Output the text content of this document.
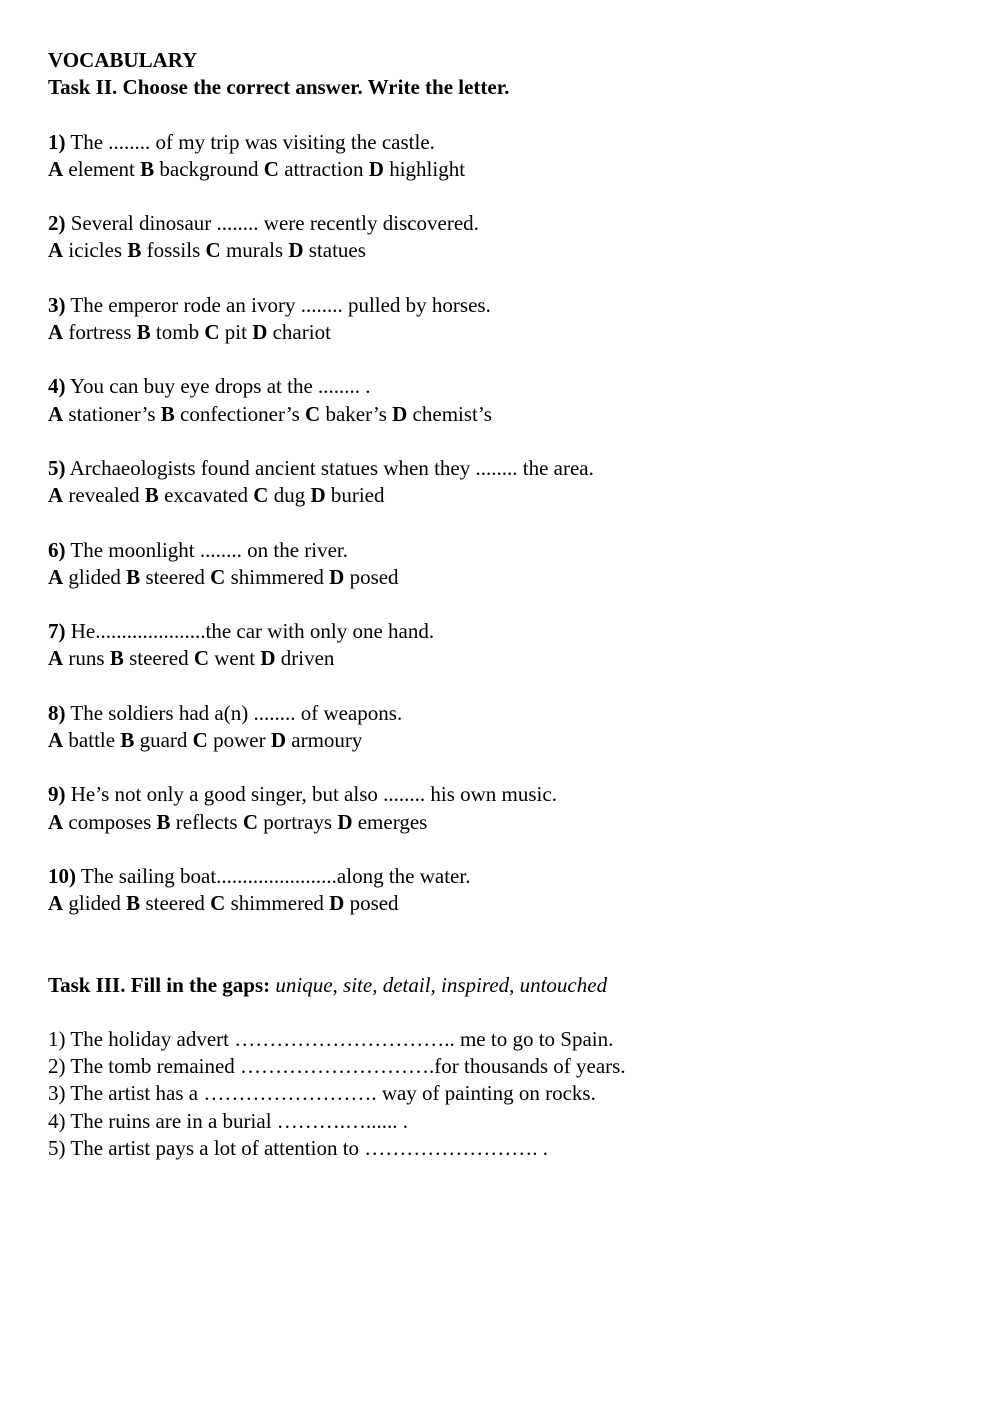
VOCABULARY

Task II. Choose the correct answer. Write the letter.

1) The ........ of my trip was visiting the castle.
A element B background C attraction D highlight
2) Several dinosaur ........ were recently discovered.
A icicles B fossils C murals D statues
3) The emperor rode an ivory ........ pulled by horses.
A fortress B tomb C pit D chariot
4) You can buy eye drops at the ........ .
A stationer’s B confectioner’s C baker’s D chemist’s
5) Archaeologists found ancient statues when they ........ the area.
A revealed B excavated C dug D buried
6) The moonlight ........ on the river.
A glided B steered C shimmered D posed
7) He.....................the car with only one hand.
A runs B steered C went D driven
8) The soldiers had a(n) ........ of weapons.
A battle B guard C power D armoury
9) He’s not only a good singer, but also ........ his own music.
A composes B reflects C portrays D emerges
10) The sailing boat.......................along the water.
A glided B steered C shimmered D posed

Task III. Fill in the gaps: unique, site, detail, inspired, untouched

1) The holiday advert ………………………….. me to go to Spain.
2) The tomb remained ……………………….for thousands of years.
3) The artist has a ……………………. way of painting on rocks.
4) The ruins are in a burial ……….…...... .
5) The artist pays a lot of attention to ……………………. .
